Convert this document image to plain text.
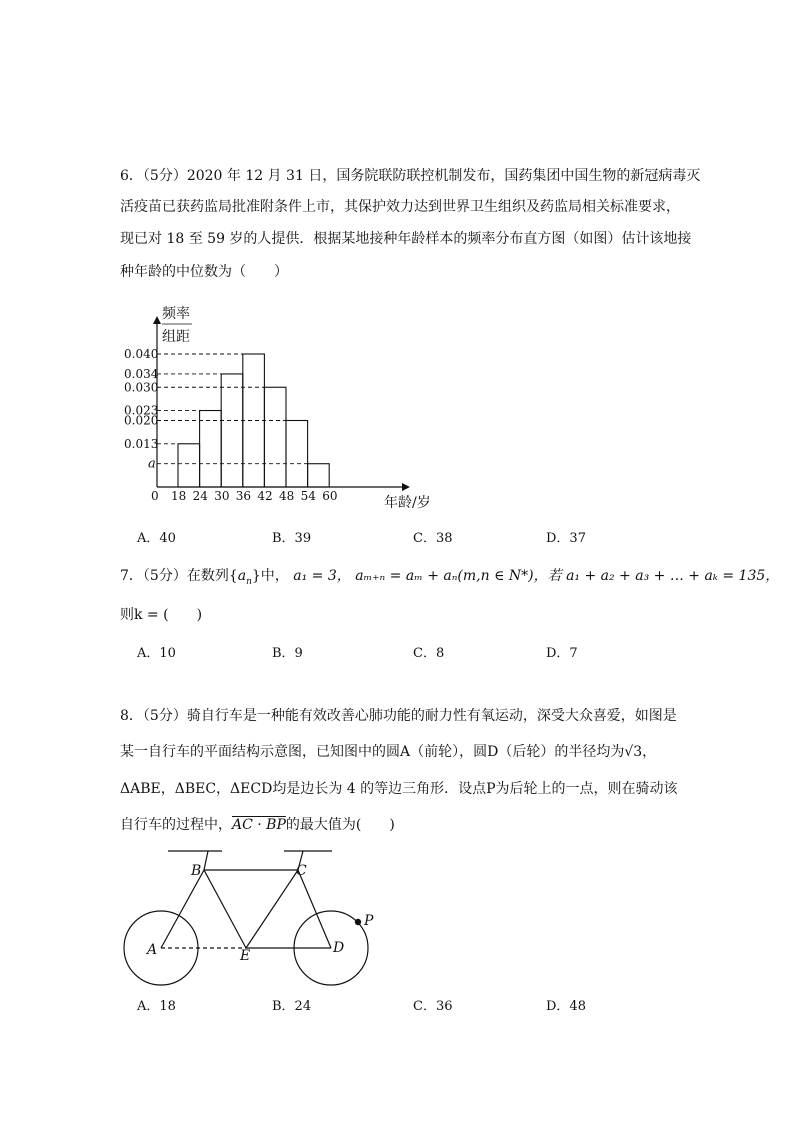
6．（5分）2020 年 12 月 31 日，国务院联防联控机制发布，国药集团中国生物的新冠病毒灭
活疫苗已获药监局批准附条件上市，其保护效力达到世界卫生组织及药监局相关标准要求，
现已对 18 至 59 岁的人提供．根据某地接种年龄样本的频率分布直方图（如图）估计该地接
种年龄的中位数为（　　）
频率
组距
0.040
0.034
0.030
0.023
0.020
0.013
a
0 18 24 30 36 42 48 54 60	年龄/岁
A．40	B．39	C．38	D．37
7．（5分）在数列$\{a_n\}$中， a₁ = 3， aₘ₊ₙ = aₘ + aₙ(m,n ∈ N*)，若 a₁ + a₂ + a₃ + … + aₖ = 135，
则k = (　　)
A．10	B．9	C．8	D．7
8．（5分）骑自行车是一种能有效改善心肺功能的耐力性有氧运动，深受大众喜爱，如图是
某一自行车的平面结构示意图，已知图中的圆A（前轮），圆D（后轮）的半径均为√3，
ΔABE，ΔBEC，ΔECD均是边长为 4 的等边三角形．设点P为后轮上的一点，则在骑动该
自行车的过程中，AC · BP的最大值为(　　)
B	C
A	E	D
P
A．18	B．24	C．36	D．48
